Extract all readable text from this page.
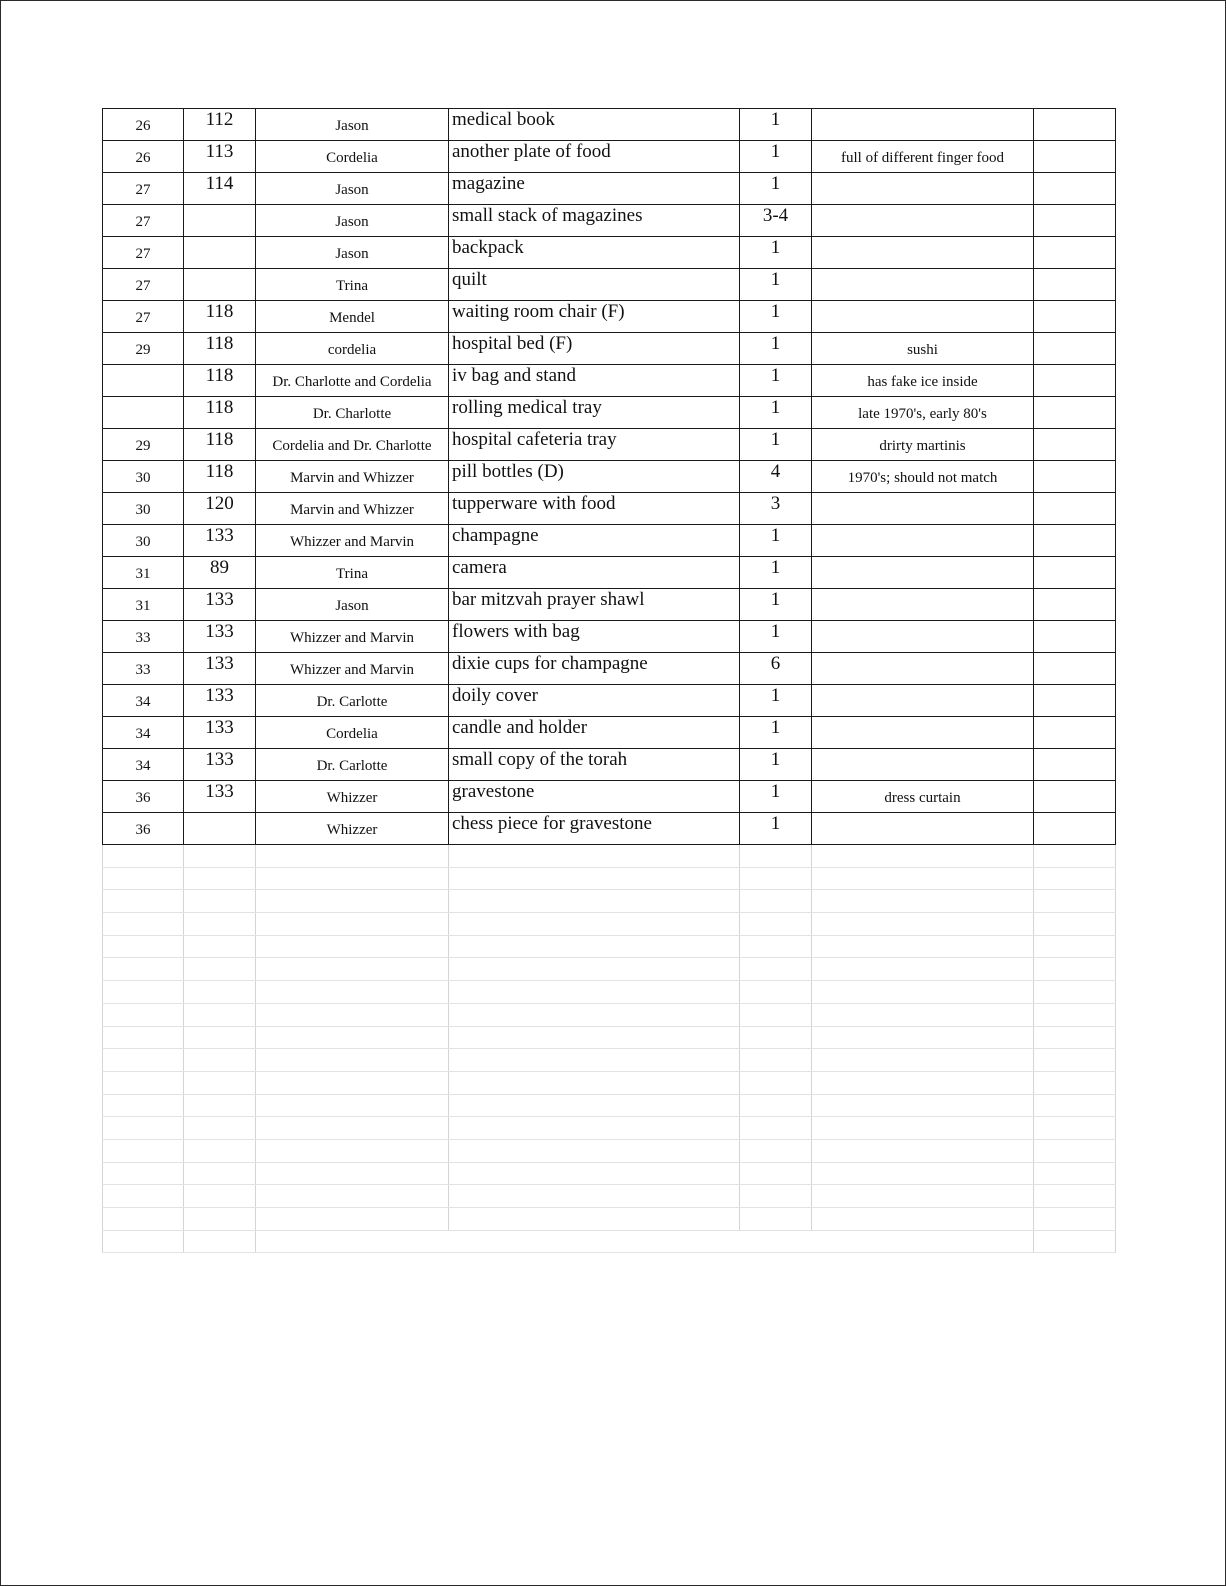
26	112	Jason	medical book	1		
26	113	Cordelia	another plate of food	1	full of different finger food	
27	114	Jason	magazine	1		
27		Jason	small stack of magazines	3-4		
27		Jason	backpack	1		
27		Trina	quilt	1		
27	118	Mendel	waiting room chair (F)	1		
29	118	cordelia	hospital bed (F)	1	sushi	
	118	Dr. Charlotte and Cordelia	iv bag and stand	1	has fake ice inside	
	118	Dr. Charlotte	rolling medical tray	1	late 1970's, early 80's	
29	118	Cordelia and Dr. Charlotte	hospital cafeteria tray	1	drirty martinis	
30	118	Marvin and Whizzer	pill bottles (D)	4	1970's; should not match	
30	120	Marvin and Whizzer	tupperware with food	3		
30	133	Whizzer and Marvin	champagne	1		
31	89	Trina	camera	1		
31	133	Jason	bar mitzvah prayer shawl	1		
33	133	Whizzer and Marvin	flowers with bag	1		
33	133	Whizzer and Marvin	dixie cups for champagne	6		
34	133	Dr. Carlotte	doily cover	1		
34	133	Cordelia	candle and holder	1		
34	133	Dr. Carlotte	small copy of the torah	1		
36	133	Whizzer	gravestone	1	dress curtain	
36		Whizzer	chess piece for gravestone	1		
